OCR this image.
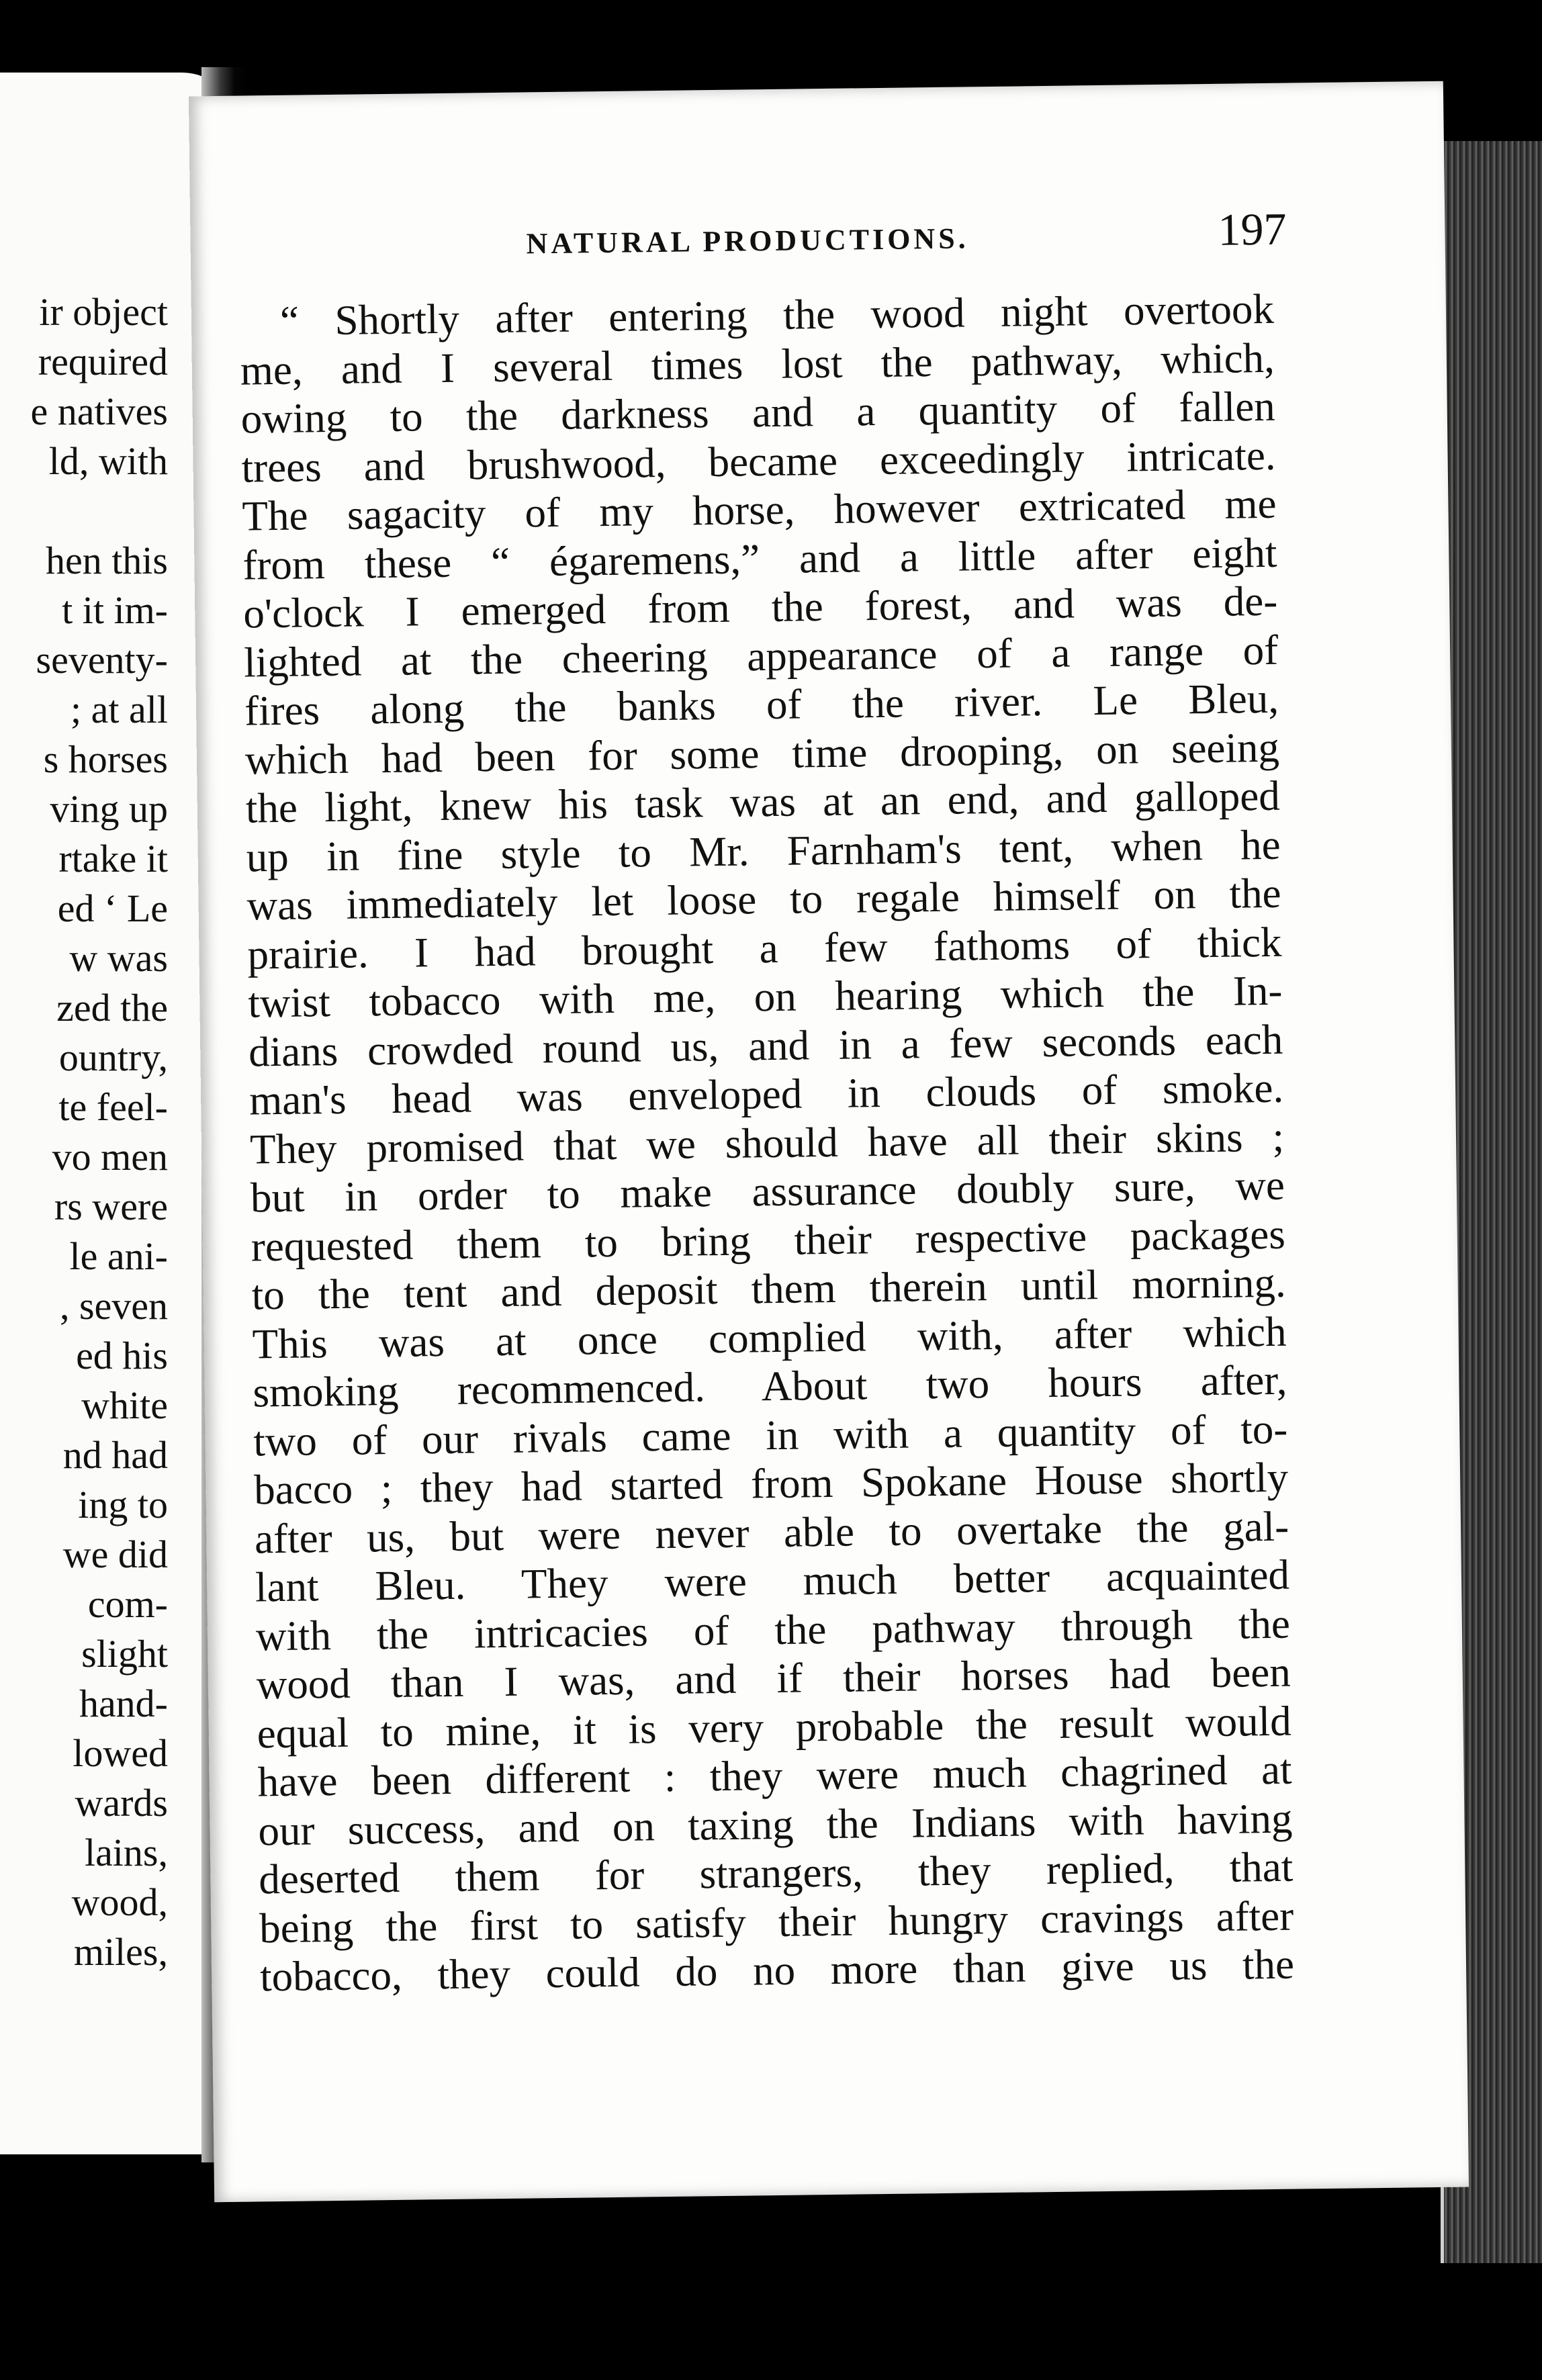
ir object
required
e natives
ld, with
hen this
t it im-
seventy-
; at all
s horses
ving up
rtake it
ed ‘ Le
w was
zed the
ountry,
te feel-
vo men
rs were
le ani-
, seven
ed his
white
nd had
ing to
we did
com-
slight
hand-
lowed
wards
lains,
wood,
miles,
NATURAL PRODUCTIONS.	197
“ Shortly after entering the wood night overtook
me, and I several times lost the pathway, which,
owing to the darkness and a quantity of fallen
trees and brushwood, became exceedingly intricate.
The sagacity of my horse, however extricated me
from these “ égaremens,” and a little after eight
o'clock I emerged from the forest, and was de-
lighted at the cheering appearance of a range of
fires along the banks of the river. Le Bleu,
which had been for some time drooping, on seeing
the light, knew his task was at an end, and galloped
up in fine style to Mr. Farnham's tent, when he
was immediately let loose to regale himself on the
prairie. I had brought a few fathoms of thick
twist tobacco with me, on hearing which the In-
dians crowded round us, and in a few seconds each
man's head was enveloped in clouds of smoke.
They promised that we should have all their skins ;
but in order to make assurance doubly sure, we
requested them to bring their respective packages
to the tent and deposit them therein until morning.
This was at once complied with, after which
smoking recommenced. About two hours after,
two of our rivals came in with a quantity of to-
bacco ; they had started from Spokane House shortly
after us, but were never able to overtake the gal-
lant Bleu. They were much better acquainted
with the intricacies of the pathway through the
wood than I was, and if their horses had been
equal to mine, it is very probable the result would
have been different : they were much chagrined at
our success, and on taxing the Indians with having
deserted them for strangers, they replied, that
being the first to satisfy their hungry cravings after
tobacco, they could do no more than give us the
